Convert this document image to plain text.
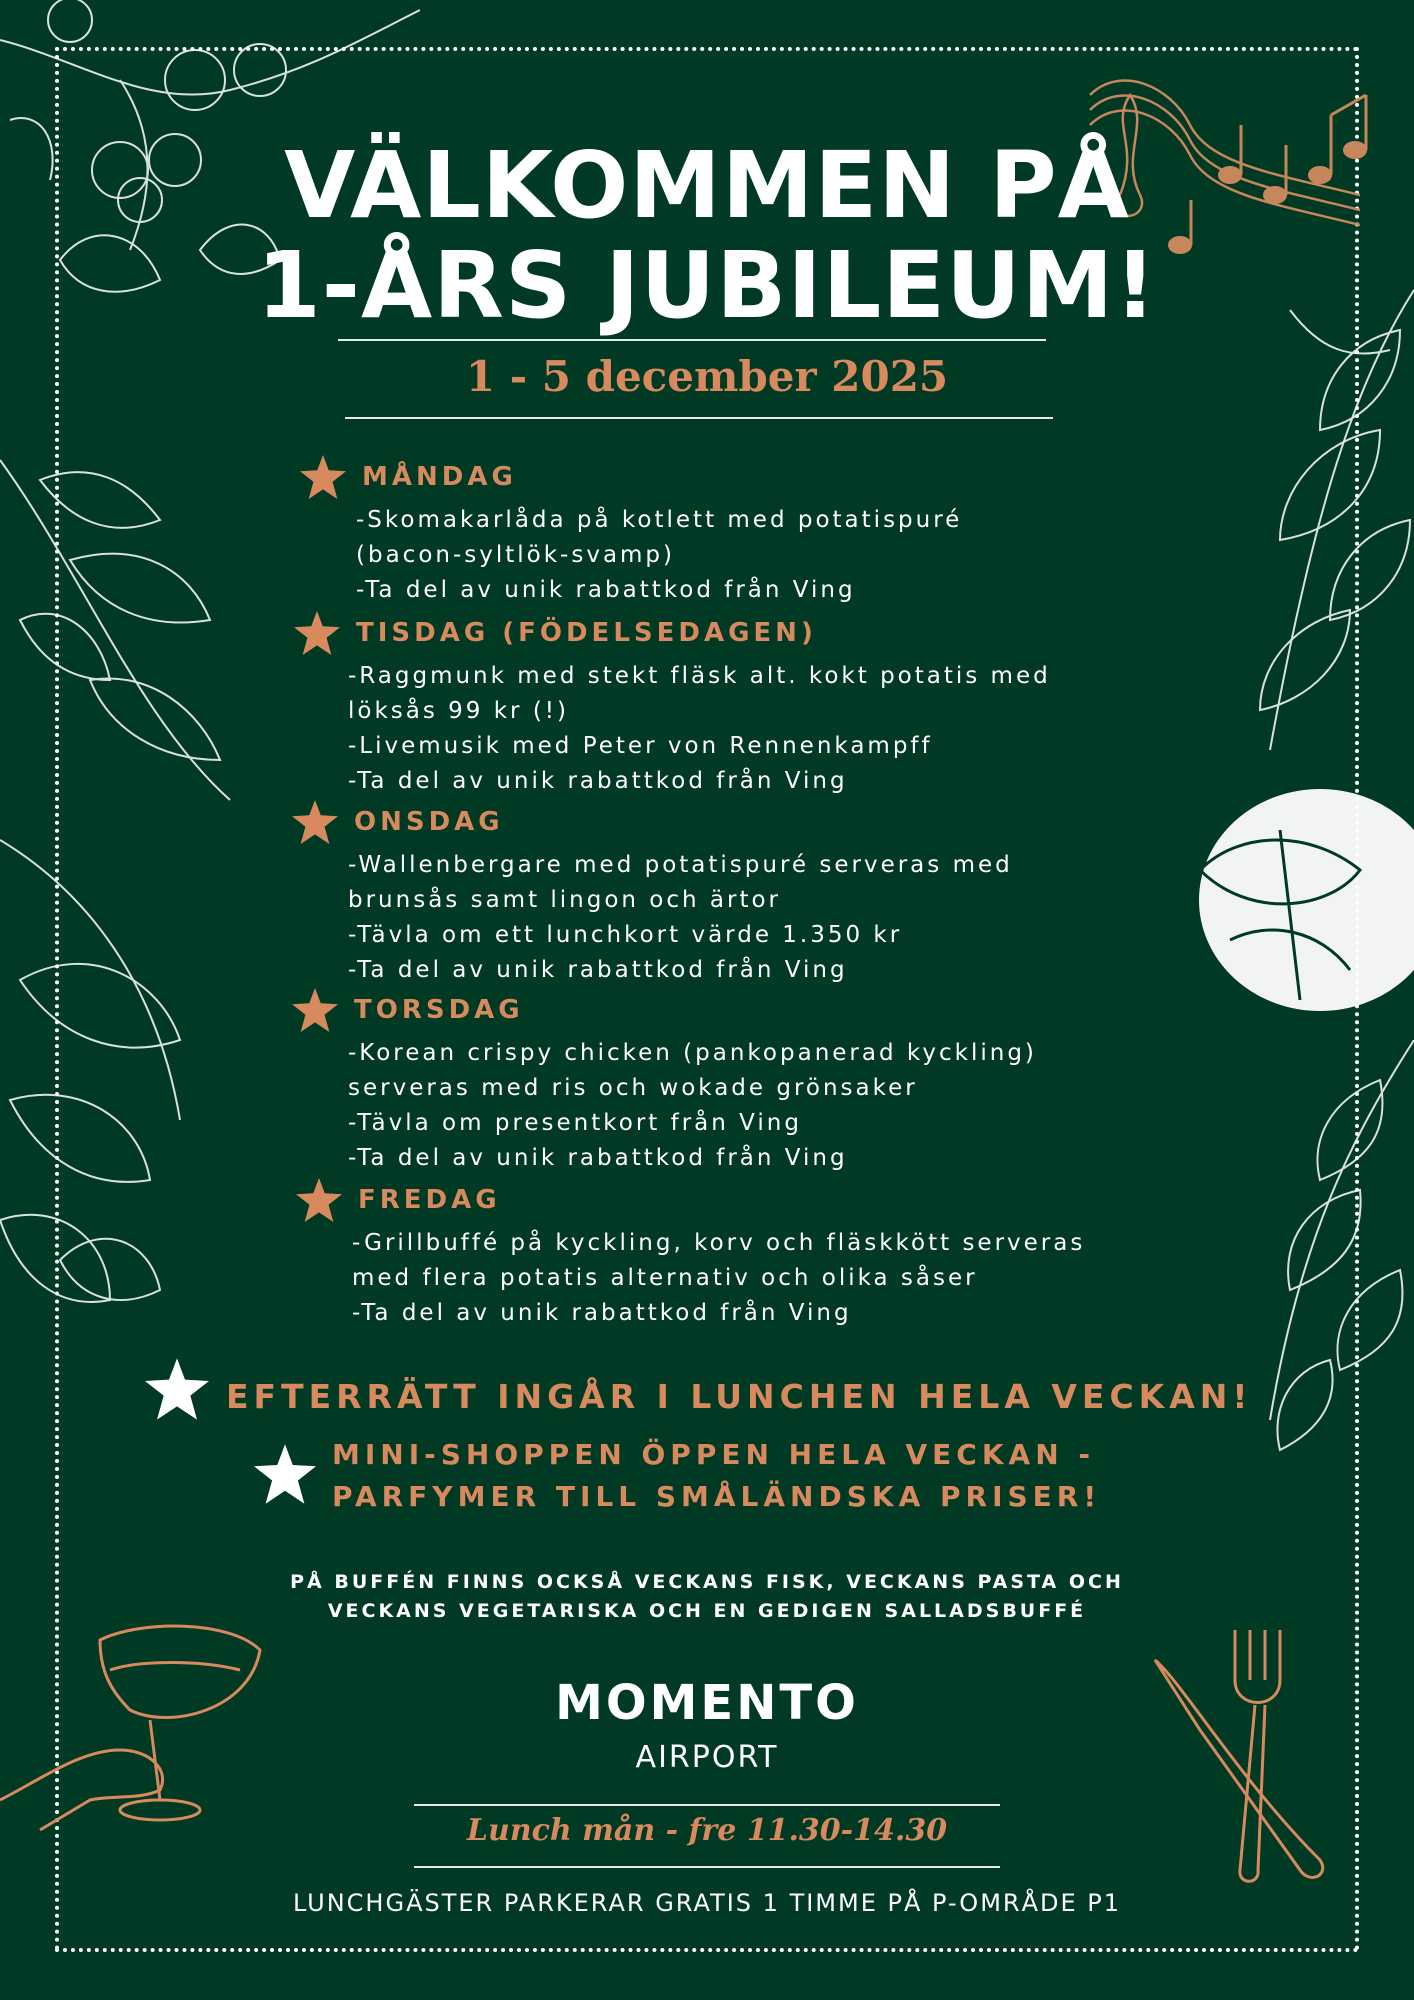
VÄLKOMMEN PÅ
1-ÅRS JUBILEUM!
1 - 5 december 2025
MÅNDAG
-Skomakarlåda på kotlett med potatispuré
(bacon-syltlök-svamp)
-Ta del av unik rabattkod från Ving
TISDAG (FÖDELSEDAGEN)
-Raggmunk med stekt fläsk alt. kokt potatis med
löksås 99 kr (!)
-Livemusik med Peter von Rennenkampff
-Ta del av unik rabattkod från Ving
ONSDAG
-Wallenbergare med potatispuré serveras med
brunsås samt lingon och ärtor
-Tävla om ett lunchkort värde 1.350 kr
-Ta del av unik rabattkod från Ving
TORSDAG
-Korean crispy chicken (pankopanerad kyckling)
serveras med ris och wokade grönsaker
-Tävla om presentkort från Ving
-Ta del av unik rabattkod från Ving
FREDAG
-Grillbuffé på kyckling, korv och fläskkött serveras
med flera potatis alternativ och olika såser
-Ta del av unik rabattkod från Ving
EFTERRÄTT INGÅR I LUNCHEN HELA VECKAN!
MINI-SHOPPEN ÖPPEN HELA VECKAN -
PARFYMER TILL SMÅLÄNDSKA PRISER!
PÅ BUFFÉN FINNS OCKSÅ VECKANS FISK, VECKANS PASTA OCH
VECKANS VEGETARISKA OCH EN GEDIGEN SALLADSBUFFÉ
MOMENTO
AIRPORT
Lunch mån - fre 11.30-14.30
LUNCHGÄSTER PARKERAR GRATIS 1 TIMME PÅ P-OMRÅDE P1
